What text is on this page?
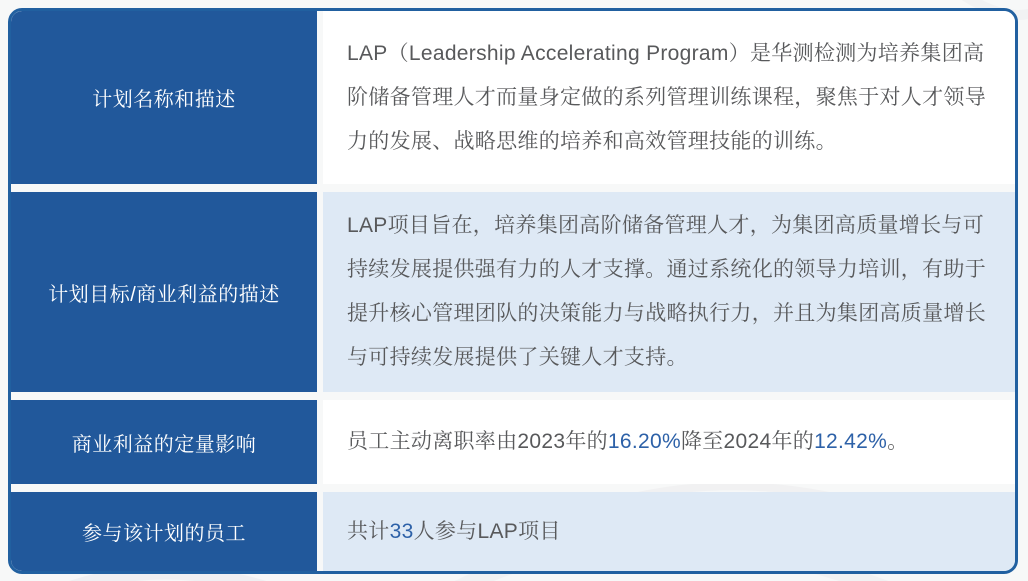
计划名称和描述

LAP（Leadership Accelerating Program）是华测检测为培养集团高阶储备管理人才而量身定做的系列管理训练课程，聚焦于对人才领导力的发展、战略思维的培养和高效管理技能的训练。

计划目标/商业利益的描述

LAP项目旨在，培养集团高阶储备管理人才，为集团高质量增长与可持续发展提供强有力的人才支撑。通过系统化的领导力培训，有助于提升核心管理团队的决策能力与战略执行力，并且为集团高质量增长与可持续发展提供了关键人才支持。

商业利益的定量影响	员工主动离职率由2023年的16.20%降至2024年的12.42%。

参与该计划的员工	共计33人参与LAP项目
